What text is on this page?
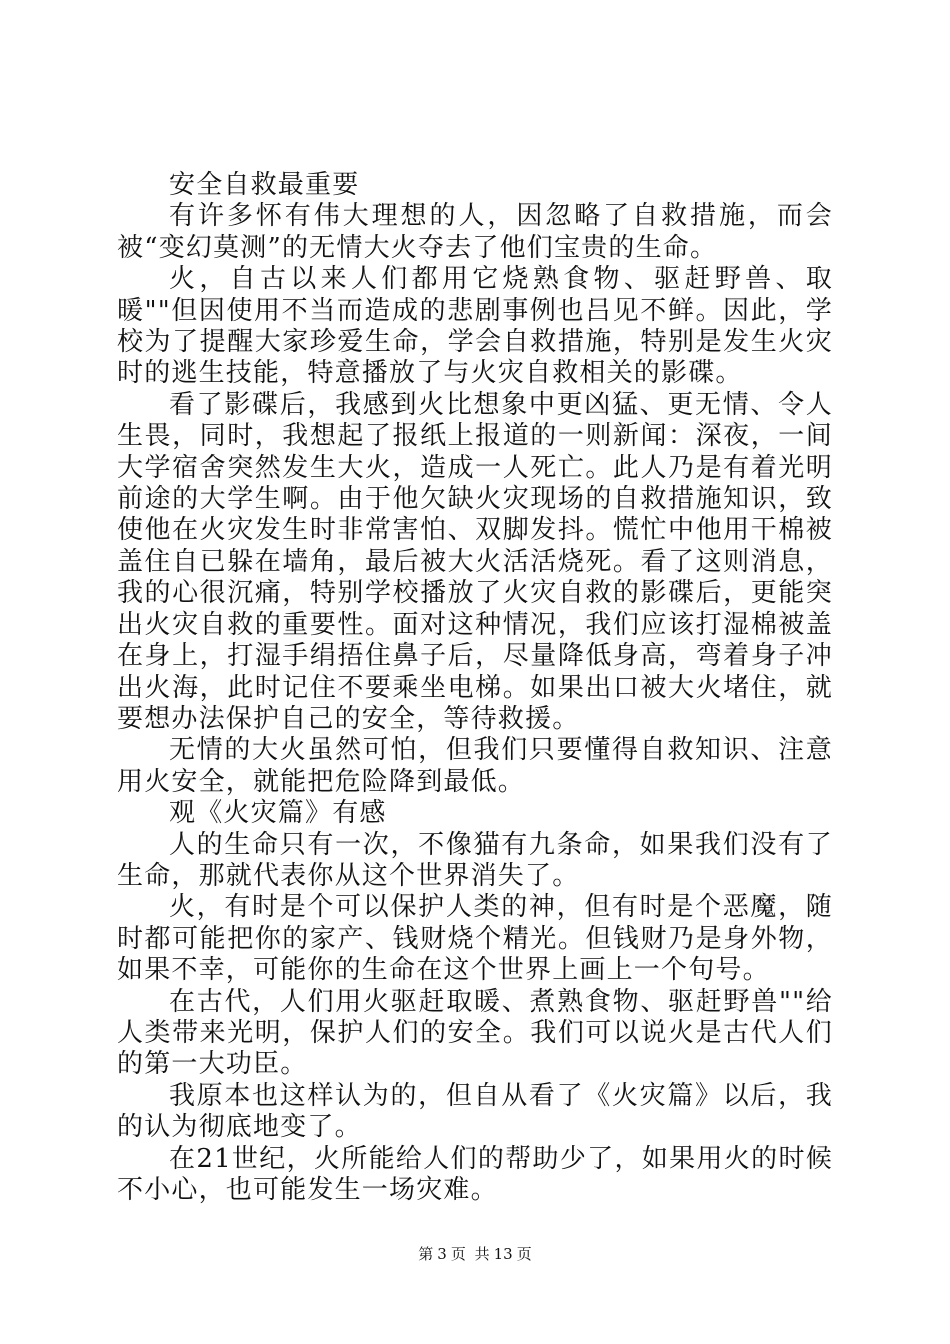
安全自救最重要

有许多怀有伟大理想的人，因忽略了自救措施，而会被“变幻莫测”的无情大火夺去了他们宝贵的生命。

火，自古以来人们都用它烧熟食物、驱赶野兽、取暖""但因使用不当而造成的悲剧事例也吕见不鲜。因此，学校为了提醒大家珍爱生命，学会自救措施，特别是发生火灾时的逃生技能，特意播放了与火灾自救相关的影碟。

看了影碟后，我感到火比想象中更凶猛、更无情、令人生畏，同时，我想起了报纸上报道的一则新闻：深夜，一间大学宿舍突然发生大火，造成一人死亡。此人乃是有着光明前途的大学生啊。由于他欠缺火灾现场的自救措施知识，致使他在火灾发生时非常害怕、双脚发抖。慌忙中他用干棉被盖住自已躲在墙角，最后被大火活活烧死。看了这则消息，我的心很沉痛，特别学校播放了火灾自救的影碟后，更能突出火灾自救的重要性。面对这种情况，我们应该打湿棉被盖在身上，打湿手绢捂住鼻子后，尽量降低身高，弯着身子冲出火海，此时记住不要乘坐电梯。如果出口被大火堵住，就要想办法保护自己的安全，等待救援。

无情的大火虽然可怕，但我们只要懂得自救知识、注意用火安全，就能把危险降到最低。

观《火灾篇》有感

人的生命只有一次，不像猫有九条命，如果我们没有了生命，那就代表你从这个世界消失了。

火，有时是个可以保护人类的神，但有时是个恶魔，随时都可能把你的家产、钱财烧个精光。但钱财乃是身外物，如果不幸，可能你的生命在这个世界上画上一个句号。

在古代，人们用火驱赶取暖、煮熟食物、驱赶野兽""给人类带来光明，保护人们的安全。我们可以说火是古代人们的第一大功臣。

我原本也这样认为的，但自从看了《火灾篇》以后，我的认为彻底地变了。

在21世纪，火所能给人们的帮助少了，如果用火的时候不小心，也可能发生一场灾难。

第 3 页 共 13 页
